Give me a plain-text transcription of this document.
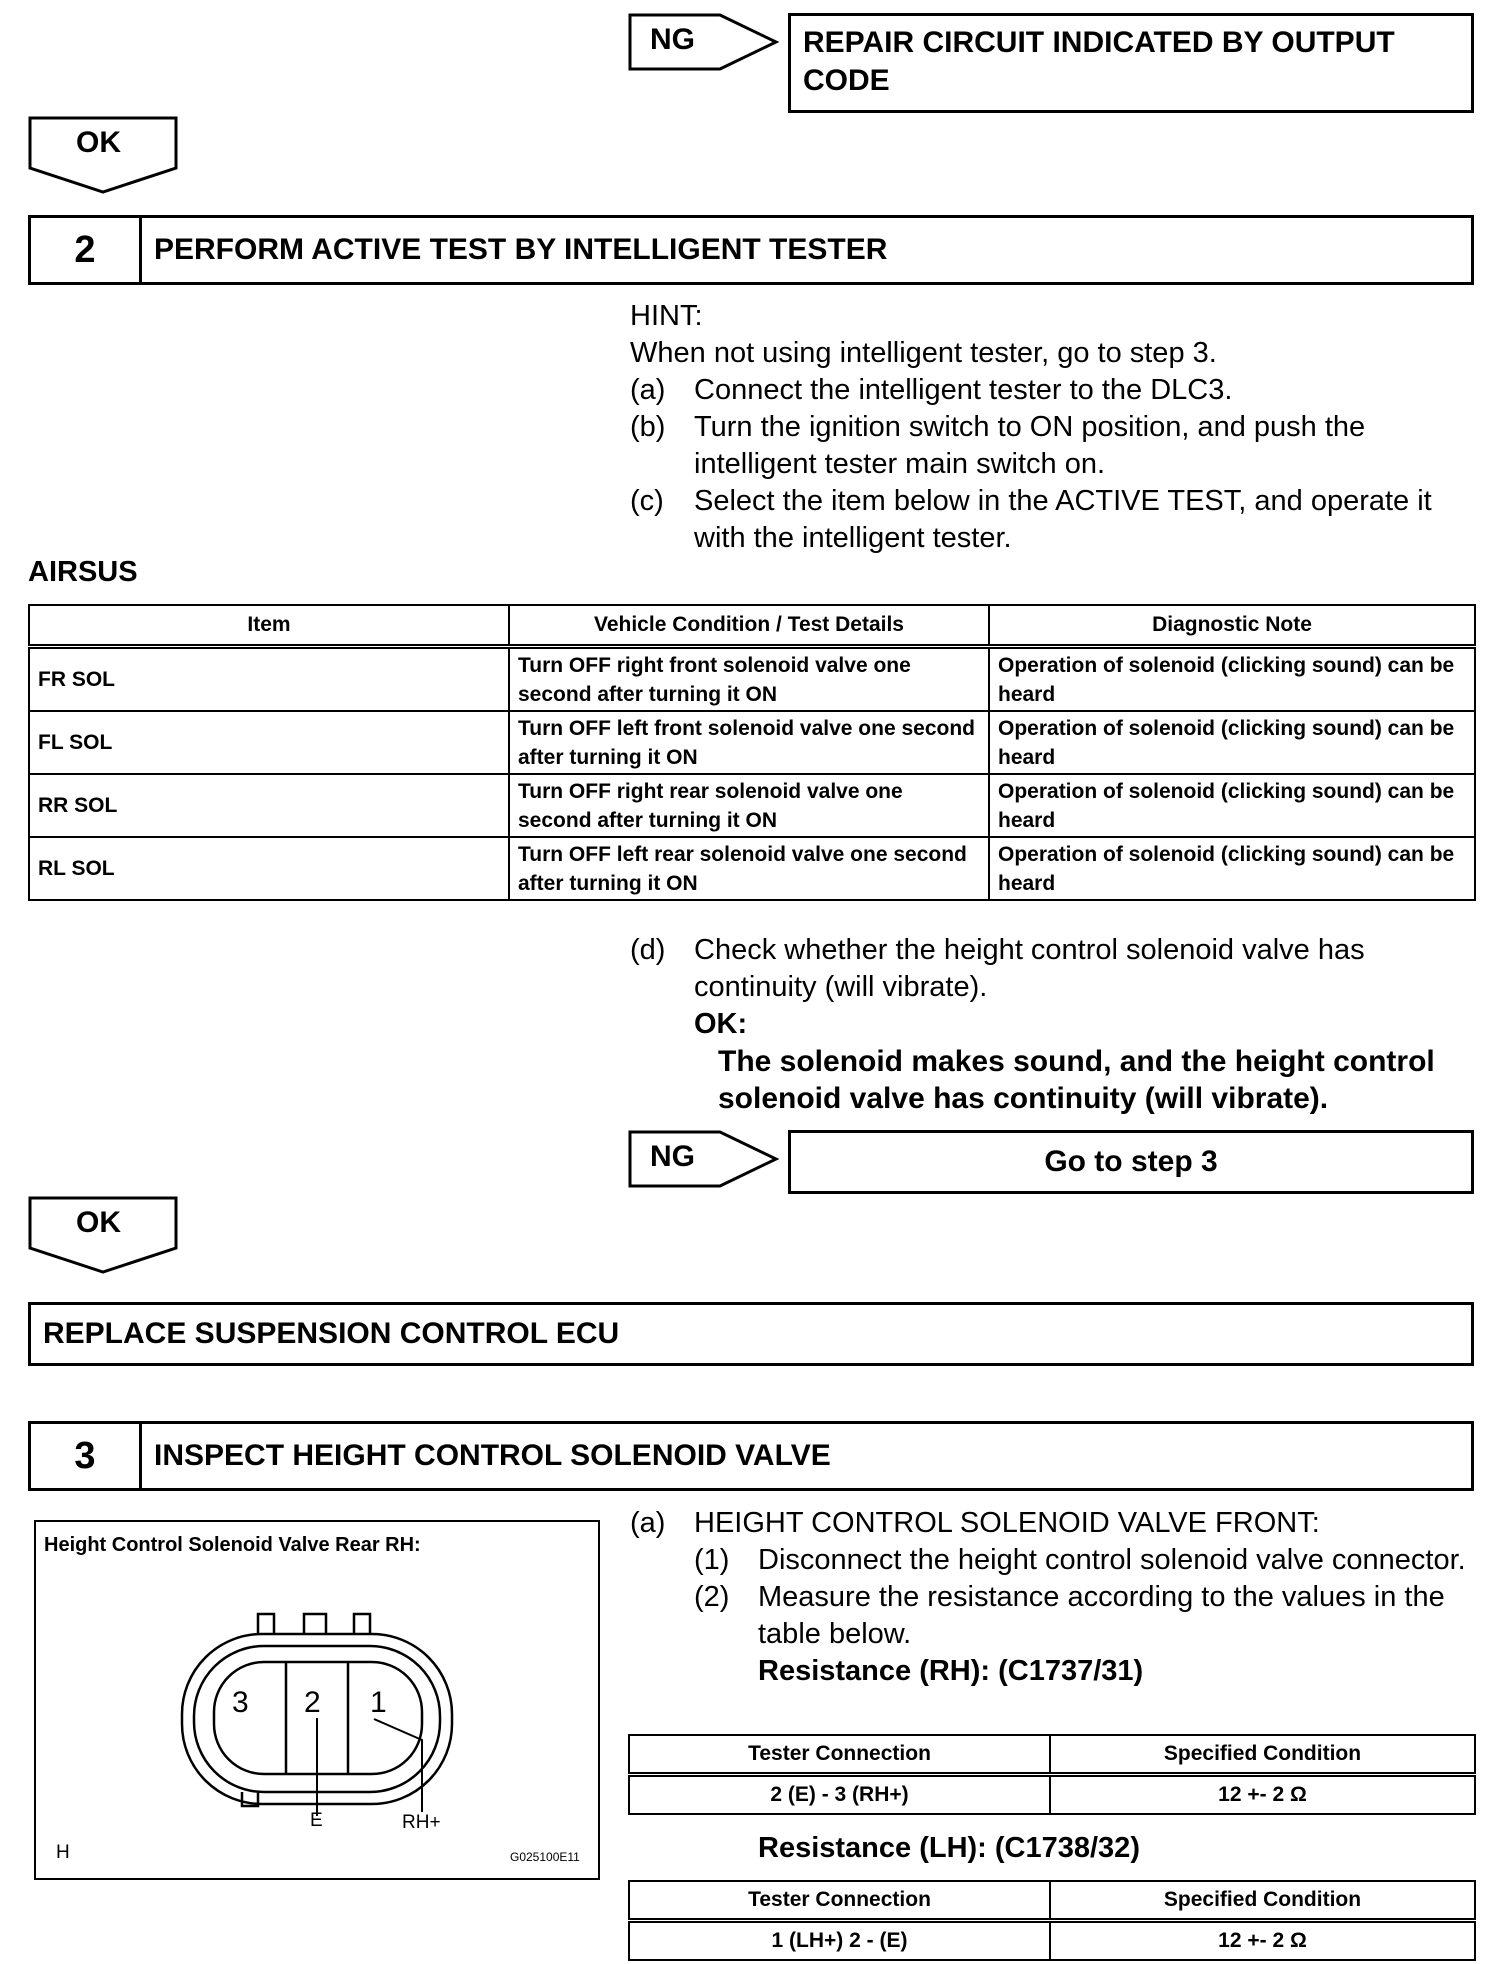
NG	REPAIR CIRCUIT INDICATED BY OUTPUT CODE
OK
2	PERFORM ACTIVE TEST BY INTELLIGENT TESTER
HINT:
When not using intelligent tester, go to step 3.
(a) Connect the intelligent tester to the DLC3.
(b) Turn the ignition switch to ON position, and push the intelligent tester main switch on.
(c) Select the item below in the ACTIVE TEST, and operate it with the intelligent tester.
AIRSUS
Item	Vehicle Condition / Test Details	Diagnostic Note
FR SOL	Turn OFF right front solenoid valve one second after turning it ON	Operation of solenoid (clicking sound) can be heard
FL SOL	Turn OFF left front solenoid valve one second after turning it ON	Operation of solenoid (clicking sound) can be heard
RR SOL	Turn OFF right rear solenoid valve one second after turning it ON	Operation of solenoid (clicking sound) can be heard
RL SOL	Turn OFF left rear solenoid valve one second after turning it ON	Operation of solenoid (clicking sound) can be heard
(d) Check whether the height control solenoid valve has continuity (will vibrate).
OK:
The solenoid makes sound, and the height control solenoid valve has continuity (will vibrate).
NG	Go to step 3
OK
REPLACE SUSPENSION CONTROL ECU
3	INSPECT HEIGHT CONTROL SOLENOID VALVE
Height Control Solenoid Valve Rear RH:
3 2 1
E	RH+
H	G025100E11
(a) HEIGHT CONTROL SOLENOID VALVE FRONT:
(1) Disconnect the height control solenoid valve connector.
(2) Measure the resistance according to the values in the table below.
Resistance (RH): (C1737/31)
Tester Connection	Specified Condition
2 (E) - 3 (RH+)	12 +- 2 Ω
Resistance (LH): (C1738/32)
Tester Connection	Specified Condition
1 (LH+) 2 - (E)	12 +- 2 Ω
